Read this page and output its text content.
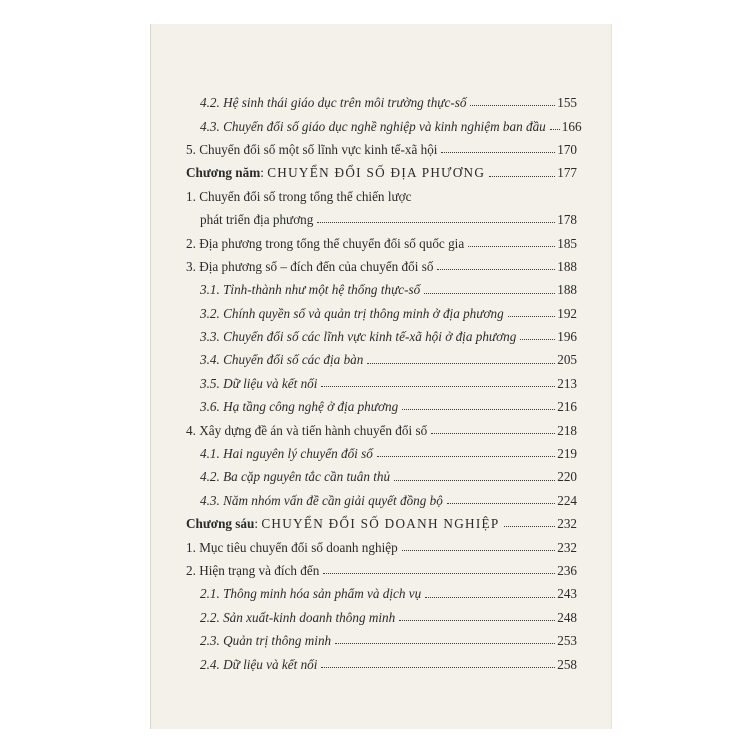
4.2. Hệ sinh thái giáo dục trên môi trường thực-số	155
4.3. Chuyển đổi số giáo dục nghề nghiệp và kinh nghiệm ban đầu 166
5. Chuyển đổi số một số lĩnh vực kinh tế-xã hội	170
Chương năm: CHUYỂN ĐỔI SỐ ĐỊA PHƯƠNG	177
1. Chuyển đổi số trong tổng thể chiến lược
phát triển địa phương	178
2. Địa phương trong tổng thể chuyển đổi số quốc gia	185
3. Địa phương số – đích đến của chuyển đổi số	188
3.1. Tỉnh-thành như một hệ thống thực-số	188
3.2. Chính quyền số và quản trị thông minh ở địa phương	192
3.3. Chuyển đổi số các lĩnh vực kinh tế-xã hội ở địa phương	196
3.4. Chuyển đổi số các địa bàn	205
3.5. Dữ liệu và kết nối	213
3.6. Hạ tầng công nghệ ở địa phương	216
4. Xây dựng đề án và tiến hành chuyển đổi số	218
4.1. Hai nguyên lý chuyển đổi số	219
4.2. Ba cặp nguyên tắc cần tuân thủ	220
4.3. Năm nhóm vấn đề cần giải quyết đồng bộ	224
Chương sáu: CHUYỂN ĐỔI SỐ DOANH NGHIỆP	232
1. Mục tiêu chuyển đổi số doanh nghiệp	232
2. Hiện trạng và đích đến	236
2.1. Thông minh hóa sản phẩm và dịch vụ	243
2.2. Sản xuất-kinh doanh thông minh	248
2.3. Quản trị thông minh	253
2.4. Dữ liệu và kết nối	258
